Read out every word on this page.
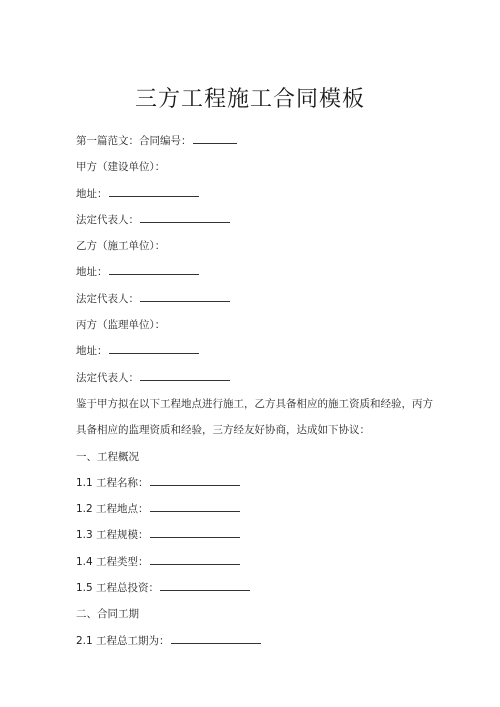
三方工程施工合同模板
第一篇范文：合同编号：
甲方（建设单位）：
地址：
法定代表人：
乙方（施工单位）：
地址：
法定代表人：
丙方（监理单位）：
地址：
法定代表人：
鉴于甲方拟在以下工程地点进行施工，乙方具备相应的施工资质和经验，丙方
具备相应的监理资质和经验，三方经友好协商，达成如下协议：
一、工程概况
1.1 工程名称：
1.2 工程地点：
1.3 工程规模：
1.4 工程类型：
1.5 工程总投资：
二、合同工期
2.1 工程总工期为：
